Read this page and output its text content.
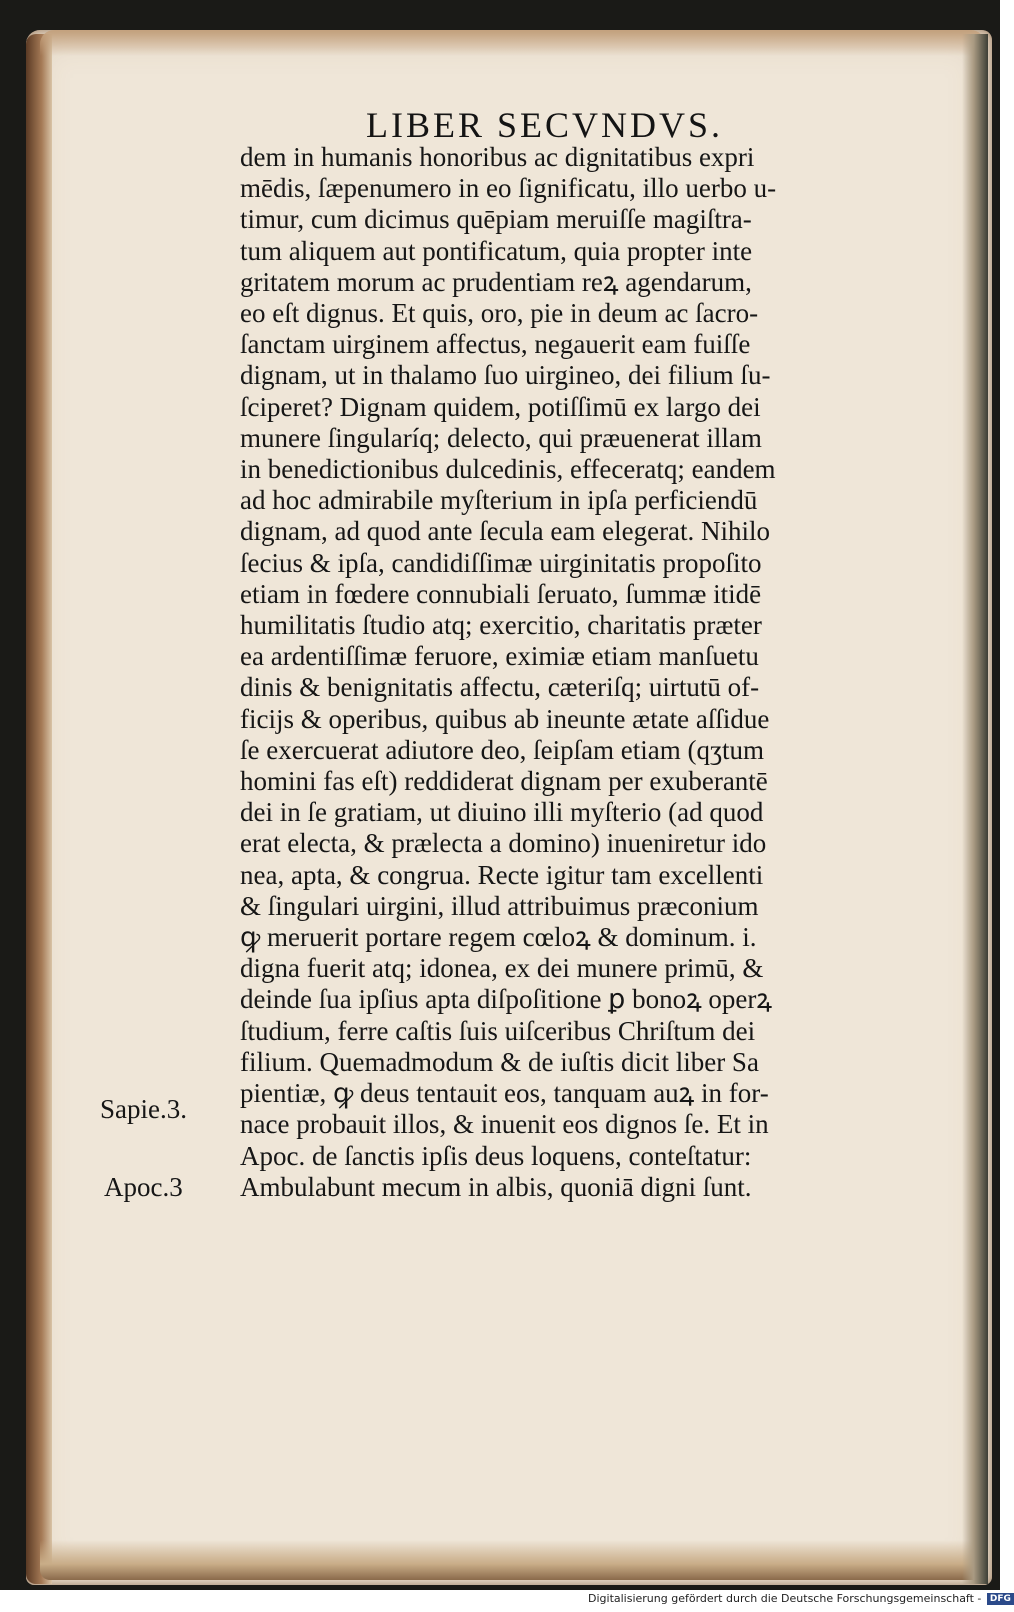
LIBER SECVNDVS.
dem in humanis honoribus ac dignitatibus expri
mēdis, ſæpenumero in eo ſignificatu, illo uerbo u-
timur, cum dicimus quēpiam meruiſſe magiſtra-
tum aliquem aut pontificatum, quia propter inte
gritatem morum ac prudentiam reꝝ agendarum,
eo eſt dignus. Et quis, oro, pie in deum ac ſacro-
ſanctam uirginem affectus, negauerit eam fuiſſe
dignam, ut in thalamo ſuo uirgineo, dei filium ſu-
ſciperet? Dignam quidem, potiſſimū ex largo dei
munere ſingularíq; delecto, qui præuenerat illam
in benedictionibus dulcedinis, effeceratq; eandem
ad hoc admirabile myſterium in ipſa perficiendū
dignam, ad quod ante ſecula eam elegerat. Nihilo
ſecius & ipſa, candidiſſimæ uirginitatis propoſito
etiam in fœdere connubiali ſeruato, ſummæ itidē
humilitatis ſtudio atq; exercitio, charitatis præter
ea ardentiſſimæ feruore, eximiæ etiam manſuetu
dinis & benignitatis affectu, cæteriſq; uirtutū of-
ficijs & operibus, quibus ab ineunte ætate aſſidue
ſe exercuerat adiutore deo, ſeipſam etiam (qʒtum
homini fas eſt) reddiderat dignam per exuberantē
dei in ſe gratiam, ut diuino illi myſterio (ad quod
erat electa, & prælecta a domino) inueniretur ido
nea, apta, & congrua. Recte igitur tam excellenti
& ſingulari uirgini, illud attribuimus præconium
ꝙ meruerit portare regem cœloꝝ & dominum. i.
digna fuerit atq; idonea, ex dei munere primū, &
deinde ſua ipſius apta diſpoſitione ꝑ bonoꝝ operꝝ
ſtudium, ferre caſtis ſuis uiſceribus Chriſtum dei
filium. Quemadmodum & de iuſtis dicit liber Sa
pientiæ, ꝙ deus tentauit eos, tanquam auꝝ in for-
nace probauit illos, & inuenit eos dignos ſe. Et in
Apoc. de ſanctis ipſis deus loquens, conteſtatur:
Ambulabunt mecum in albis, quoniā digni ſunt.
Sapie.3.
Apoc.3
Digitalisierung gefördert durch die Deutsche Forschungsgemeinschaft - DFG
